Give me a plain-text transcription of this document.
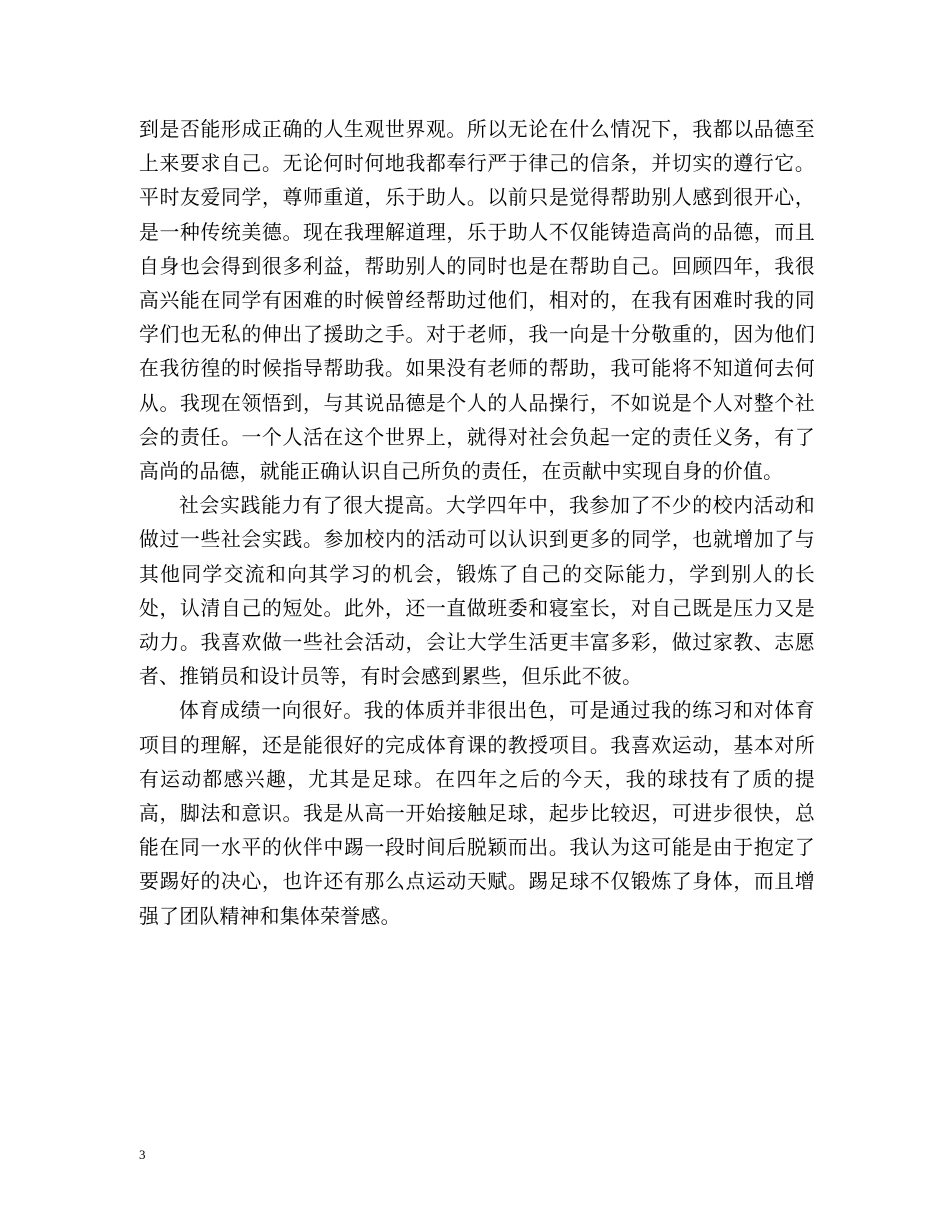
到是否能形成正确的人生观世界观。所以无论在什么情况下，我都以品德至上来要求自己。无论何时何地我都奉行严于律己的信条，并切实的遵行它。平时友爱同学，尊师重道，乐于助人。以前只是觉得帮助别人感到很开心，是一种传统美德。现在我理解道理，乐于助人不仅能铸造高尚的品德，而且自身也会得到很多利益，帮助别人的同时也是在帮助自己。回顾四年，我很高兴能在同学有困难的时候曾经帮助过他们，相对的，在我有困难时我的同学们也无私的伸出了援助之手。对于老师，我一向是十分敬重的，因为他们在我彷徨的时候指导帮助我。如果没有老师的帮助，我可能将不知道何去何从。我现在领悟到，与其说品德是个人的人品操行，不如说是个人对整个社会的责任。一个人活在这个世界上，就得对社会负起一定的责任义务，有了高尚的品德，就能正确认识自己所负的责任，在贡献中实现自身的价值。

社会实践能力有了很大提高。大学四年中，我参加了不少的校内活动和做过一些社会实践。参加校内的活动可以认识到更多的同学，也就增加了与其他同学交流和向其学习的机会，锻炼了自己的交际能力，学到别人的长处，认清自己的短处。此外，还一直做班委和寝室长，对自己既是压力又是动力。我喜欢做一些社会活动，会让大学生活更丰富多彩，做过家教、志愿者、推销员和设计员等，有时会感到累些，但乐此不彼。

体育成绩一向很好。我的体质并非很出色，可是通过我的练习和对体育项目的理解，还是能很好的完成体育课的教授项目。我喜欢运动，基本对所有运动都感兴趣，尤其是足球。在四年之后的今天，我的球技有了质的提高，脚法和意识。我是从高一开始接触足球，起步比较迟，可进步很快，总能在同一水平的伙伴中踢一段时间后脱颖而出。我认为这可能是由于抱定了要踢好的决心，也许还有那么点运动天赋。踢足球不仅锻炼了身体，而且增强了团队精神和集体荣誉感。

3
